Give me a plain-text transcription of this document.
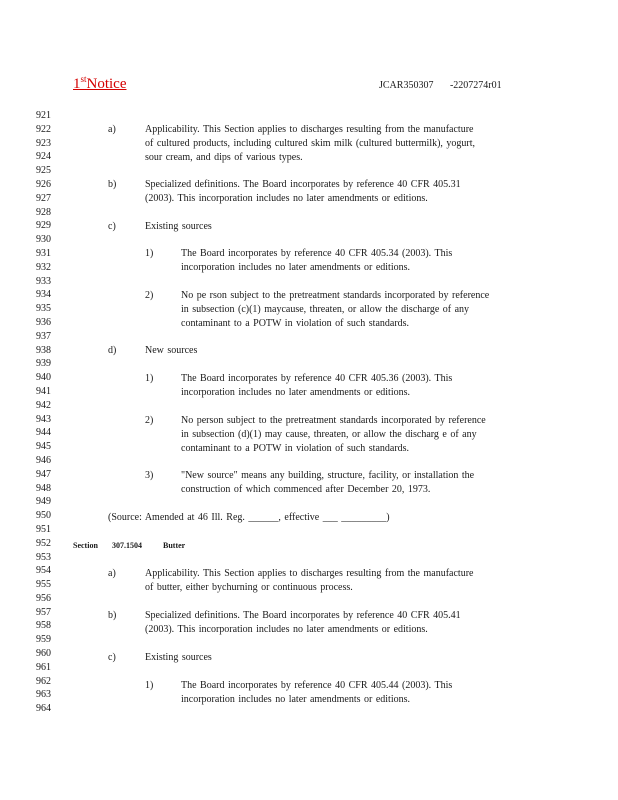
1stNotice	JCAR350307 -2207274r01
921
922
923
924
925
926
927
928
929
930
931
932
933
934
935
936
937
938
939
940
941
942
943
944
945
946
947
948
949
950
951
952
953
954
955
956
957
958
959
960
961
962
963
964
a)	Applicability. This Section applies to discharges resulting from the manufacture
of cultured products, including cultured skim milk (cultured buttermilk), yogurt,
sour cream, and dips of various types.
b)	Specialized definitions. The Board incorporates by reference 40 CFR 405.31
(2003). This incorporation includes no later amendments or editions.
c)	Existing sources
1)	The Board incorporates by reference 40 CFR 405.34 (2003). This
incorporation includes no later amendments or editions.
2)	No pe rson subject to the pretreatment standards incorporated by reference
in subsection (c)(1) maycause, threaten, or allow the discharge of any
contaminant to a POTW in violation of such standards.
d)	New sources
1)	The Board incorporates by reference 40 CFR 405.36 (2003). This
incorporation includes no later amendments or editions.
2)	No person subject to the pretreatment standards incorporated by reference
in subsection (d)(1) may cause, threaten, or allow the discharg e of any
contaminant to a POTW in violation of such standards.
3)	"New source" means any building, structure, facility, or installation the
construction of which commenced after December 20, 1973.
(Source: Amended at 46 Ill. Reg. ______, effective ___ _________)
Section 307.1504	Butter
a)	Applicability. This Section applies to discharges resulting from the manufacture
of butter, either bychurning or continuous process.
b)	Specialized definitions. The Board incorporates by reference 40 CFR 405.41
(2003). This incorporation includes no later amendments or editions.
c)	Existing sources
1)	The Board incorporates by reference 40 CFR 405.44 (2003). This
incorporation includes no later amendments or editions.
